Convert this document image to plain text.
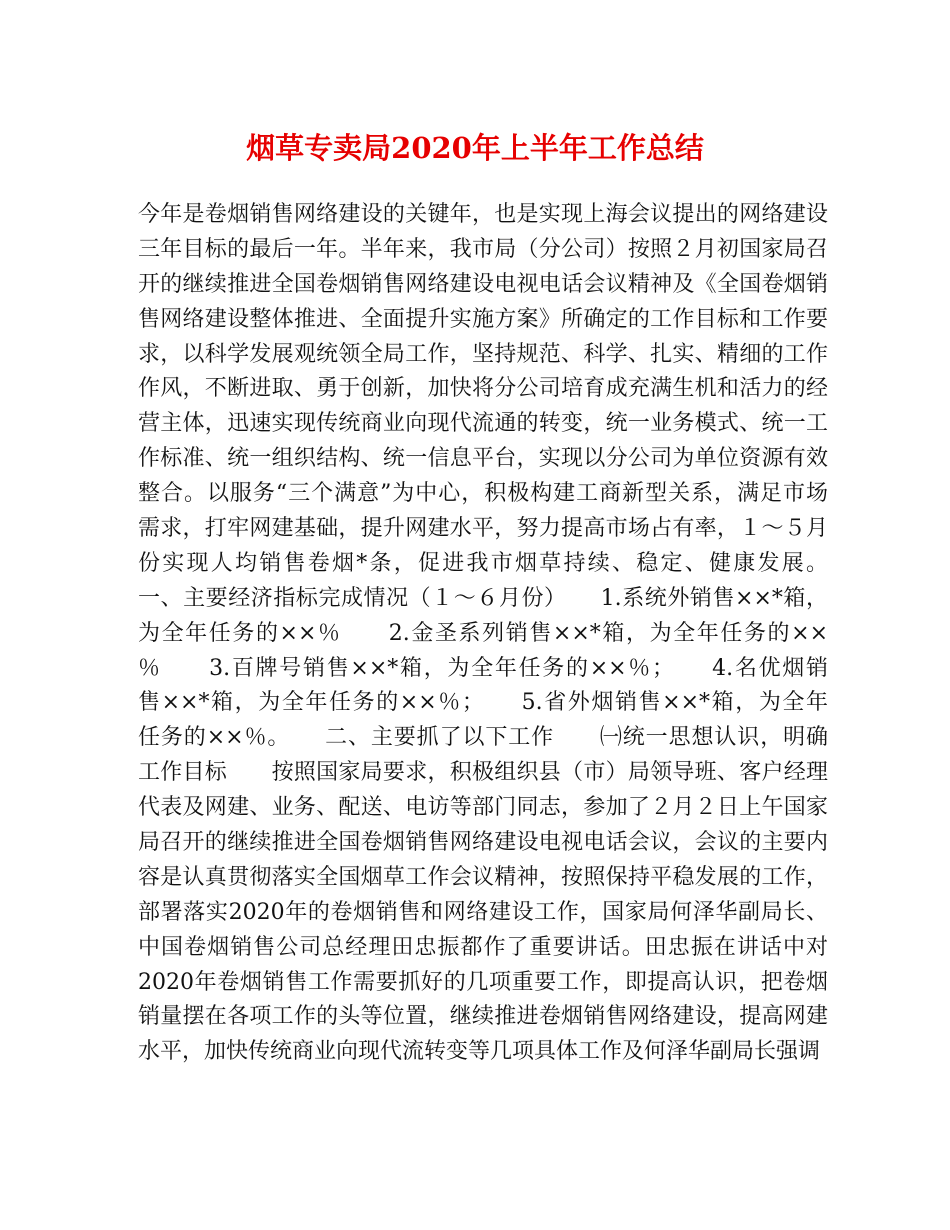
烟草专卖局2020年上半年工作总结
今年是卷烟销售网络建设的关键年，也是实现上海会议提出的网络建设
三年目标的最后一年。半年来，我市局（分公司）按照２月初国家局召
开的继续推进全国卷烟销售网络建设电视电话会议精神及《全国卷烟销
售网络建设整体推进、全面提升实施方案》所确定的工作目标和工作要
求，以科学发展观统领全局工作，坚持规范、科学、扎实、精细的工作
作风，不断进取、勇于创新，加快将分公司培育成充满生机和活力的经
营主体，迅速实现传统商业向现代流通的转变，统一业务模式、统一工
作标准、统一组织结构、统一信息平台，实现以分公司为单位资源有效
整合。以服务“三个满意”为中心，积极构建工商新型关系，满足市场
需求，打牢网建基础，提升网建水平，努力提高市场占有率，１～５月
份实现人均销售卷烟*条，促进我市烟草持续、稳定、健康发展。
一、主要经济指标完成情况（１～６月份）　　1.系统外销售××*箱，
为全年任务的××％　　2.金圣系列销售××*箱，为全年任务的××
％　　3.百牌号销售××*箱，为全年任务的××％；　　4.名优烟销
售××*箱，为全年任务的××％；　　5.省外烟销售××*箱，为全年
任务的××％。　　二、主要抓了以下工作　　㈠统一思想认识，明确
工作目标　　按照国家局要求，积极组织县（市）局领导班、客户经理
代表及网建、业务、配送、电访等部门同志，参加了２月２日上午国家
局召开的继续推进全国卷烟销售网络建设电视电话会议，会议的主要内
容是认真贯彻落实全国烟草工作会议精神，按照保持平稳发展的工作，
部署落实2020年的卷烟销售和网络建设工作，国家局何泽华副局长、
中国卷烟销售公司总经理田忠振都作了重要讲话。田忠振在讲话中对
2020年卷烟销售工作需要抓好的几项重要工作，即提高认识，把卷烟
销量摆在各项工作的头等位置，继续推进卷烟销售网络建设，提高网建
水平，加快传统商业向现代流转变等几项具体工作及何泽华副局长强调
